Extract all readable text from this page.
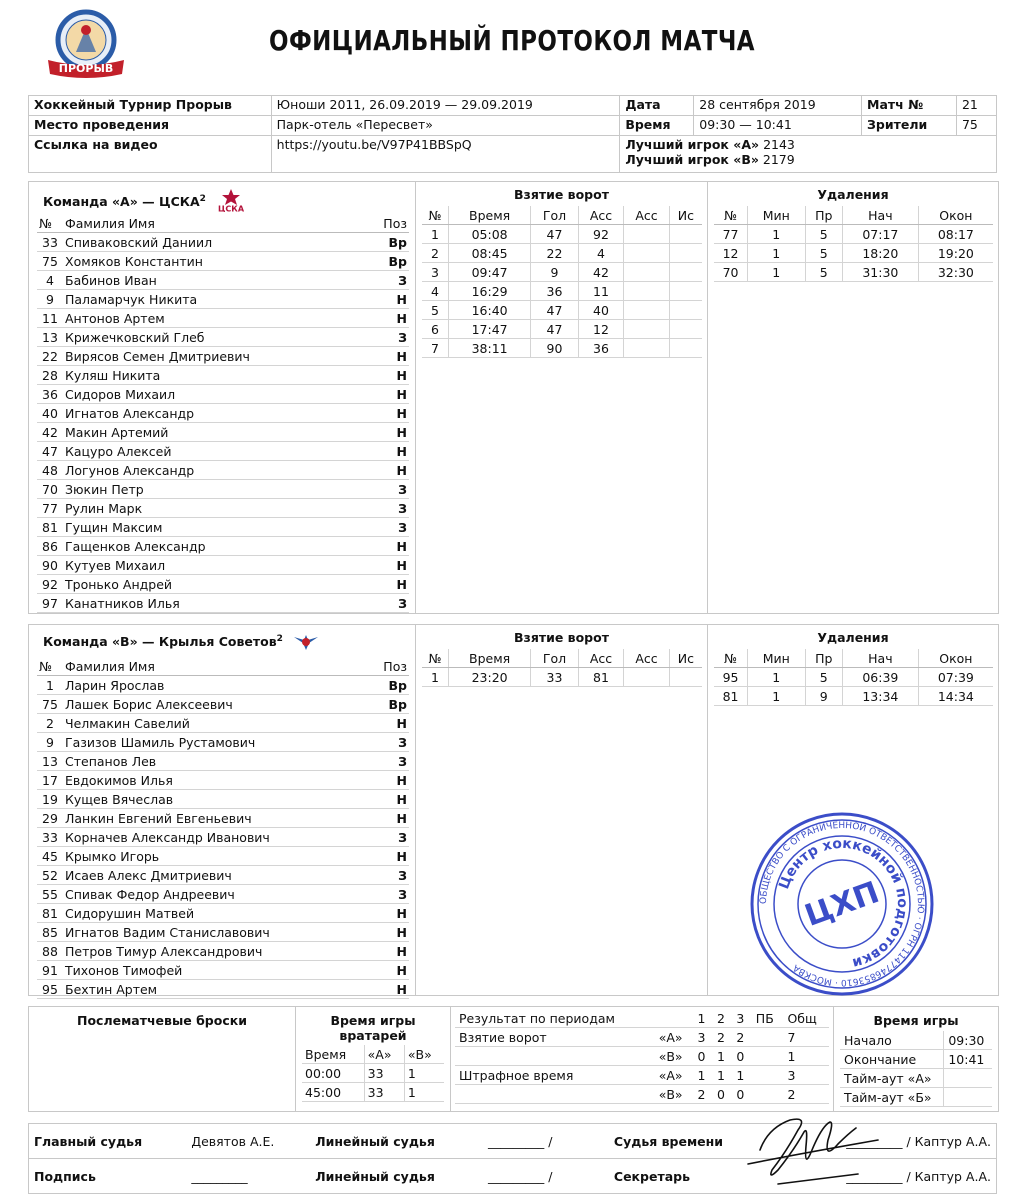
ПРОРЫВ
ОФИЦИАЛЬНЫЙ ПРОТОКОЛ МАТЧА
Хоккейный Турнир Прорыв	Юноши 2011, 26.09.2019 — 29.09.2019	Дата	28 сентября 2019	Матч №	21
Место проведения	Парк-отель «Пересвет»	Время	09:30 — 10:41	Зрители	75
Ссылка на видео	https://youtu.be/V97P41BBSpQ	Лучший игрок «А» 2143
Лучший игрок «В» 2179			
Команда «А» — ЦСКА$^2$
ЦСКА
№	Фамилия Имя	Поз
33	Спиваковский Даниил	Вр
75	Хомяков Константин	Вр
4	Бабинов Иван	З
9	Паламарчук Никита	Н
11	Антонов Артем	Н
13	Крижечковский Глеб	З
22	Вирясов Семен Дмитриевич	Н
28	Куляш Никита	Н
36	Сидоров Михаил	Н
40	Игнатов Александр	Н
42	Макин Артемий	Н
47	Кацуро Алексей	Н
48	Логунов Александр	Н
70	Зюкин Петр	З
77	Рулин Марк	З
81	Гущин Максим	З
86	Гащенков Александр	Н
90	Кутуев Михаил	Н
92	Тронько Андрей	Н
97	Канатников Илья	З
Взятие ворот
№	Время	Гол	Асс	Асс	Ис
1	05:08	47	92		
2	08:45	22	4		
3	09:47	9	42		
4	16:29	36	11		
5	16:40	47	40		
6	17:47	47	12		
7	38:11	90	36		
Удаления
№	Мин	Пр	Нач	Окон
77	1	5	07:17	08:17
12	1	5	18:20	19:20
70	1	5	31:30	32:30
Команда «В» — Крылья Советов$^2$
№	Фамилия Имя	Поз
1	Ларин Ярослав	Вр
75	Лашек Борис Алексеевич	Вр
2	Челмакин Савелий	Н
9	Газизов Шамиль Рустамович	З
13	Степанов Лев	З
17	Евдокимов Илья	Н
19	Кущев Вячеслав	Н
29	Ланкин Евгений Евгеньевич	Н
33	Корначев Александр Иванович	З
45	Крымко Игорь	Н
52	Исаев Алекс Дмитриевич	З
55	Спивак Федор Андреевич	З
81	Сидорушин Матвей	Н
85	Игнатов Вадим Станиславович	Н
88	Петров Тимур Александрович	Н
91	Тихонов Тимофей	Н
95	Бехтин Артем	Н
Взятие ворот
№	Время	Гол	Асс	Асс	Ис
1	23:20	33	81		
Удаления
№	Мин	Пр	Нач	Окон
95	1	5	06:39	07:39
81	1	9	13:34	14:34
ОБЩЕСТВО С ОГРАНИЧЕННОЙ ОТВЕТСТВЕННОСТЬЮ · ОГРН 1147746853610 · МОСКВА
Центр хоккейной подготовки
ЦХП
Послематчевые броски	Время игры вратарей
Время	«А»	«В»
00:00	33	1
45:00	33	1
Результат по периодам		1	2	3	ПБ	Общ
Взятие ворот	«А»	3	2	2		7
	«В»	0	1	0		1
Штрафное время	«А»	1	1	1		3
	«В»	2	0	0		2
Время игры
Начало	09:30
Окончание	10:41
Тайм-аут «А»	
Тайм-аут «Б»	
Главный судья	Девятов А.Е.	Линейный судья	_________ /	Судья времени	_________ / Каптур А.А.
Подпись	_________	Линейный судья	_________ /	Секретарь	_________ / Каптур А.А.
